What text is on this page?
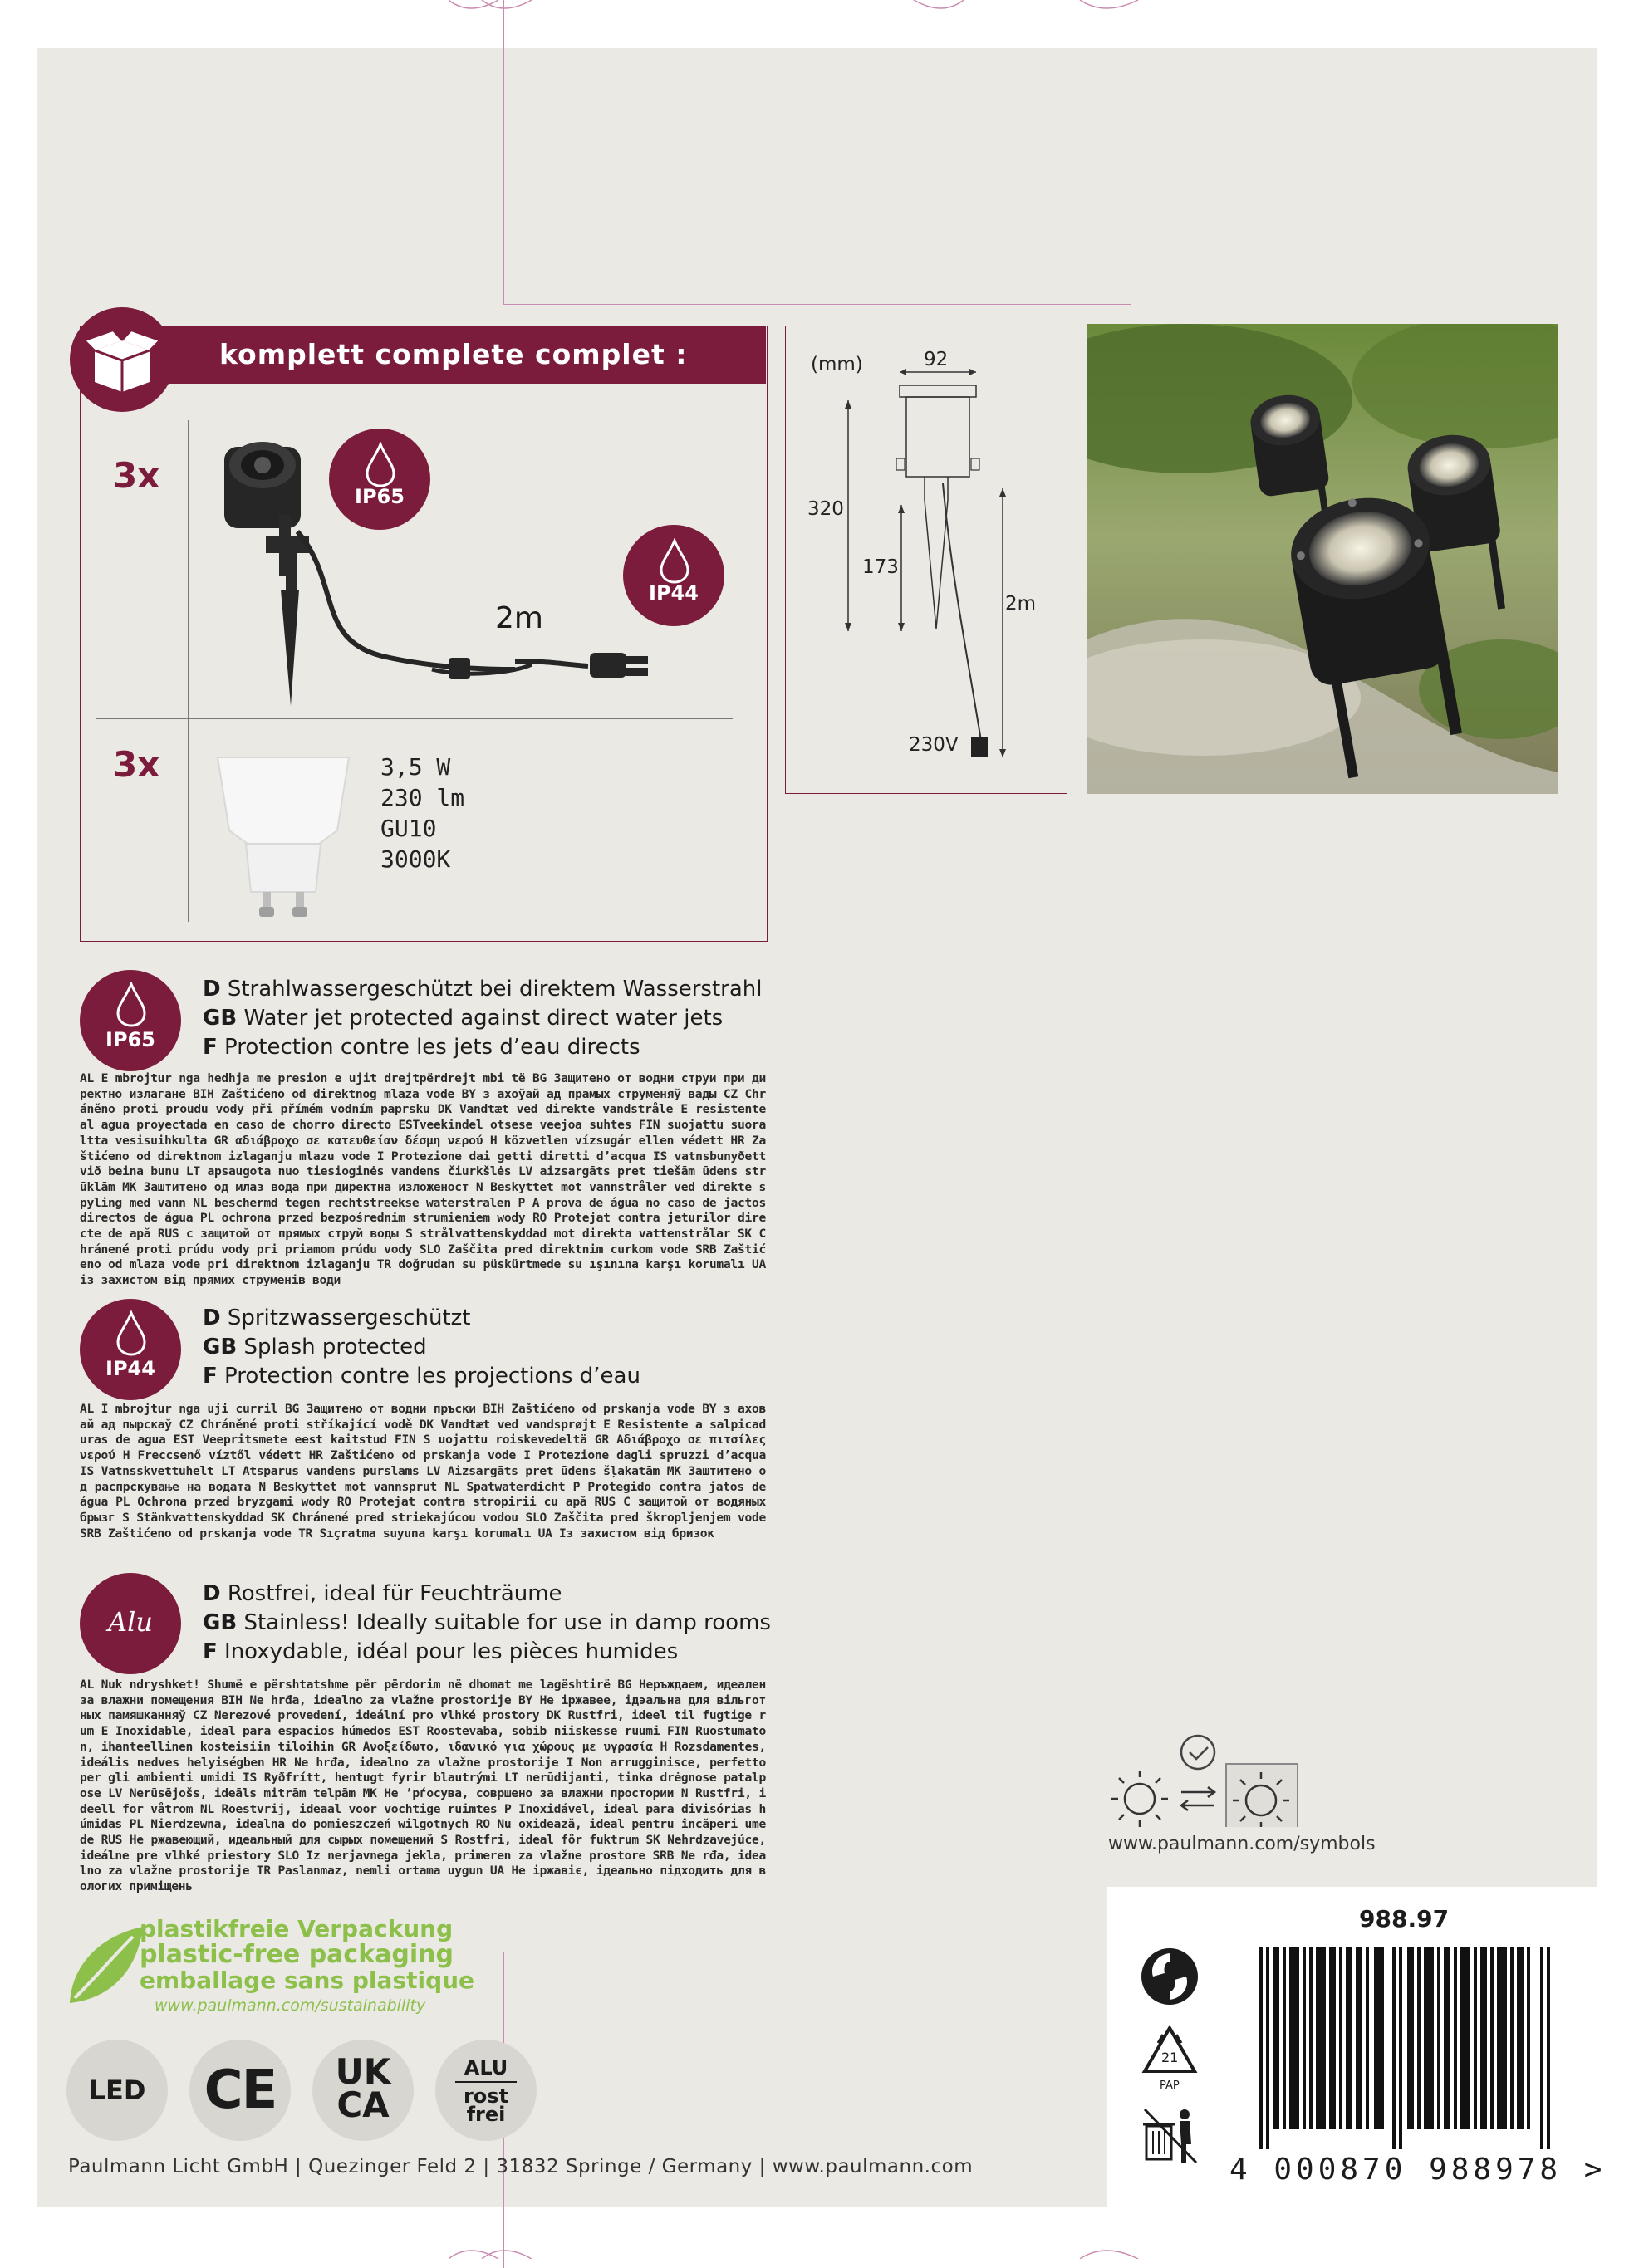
komplett complete complet :
3x
3x
IP65
IP44
2m
3,5 W
230 lm
GU10
3000K
(mm)	92
320
173
2m
230V
IP65
D Strahlwassergeschützt bei direktem Wasserstrahl
GB Water jet protected against direct water jets
F Protection contre les jets d’eau directs
AL E mbrojtur nga hedhja me presion e ujit drejtpërdrejt mbi të BG Защитено от водни струи при директно излагане BIH Zaštićeno od direktnog mlaza vode BY з ахоўай ад прамых струменяў вады CZ Chráněno proti proudu vody při přímém vodním paprsku DK Vandtæt ved direkte vandstråle E resistente al agua proyectada en caso de chorro directo ESTveekindel otsese veejoa suhtes FIN suojattu suoraltta vesisuihkulta GR αδιάβροχο σε κατευθείαν δέσμη νερού H közvetlen vízsugár ellen védett HR Zaštićeno od direktnom izlaganju mlazu vode I Protezione dai getti diretti d’acqua IS vatnsbunуðett við beina bunu LT apsaugota nuo tiesioginės vandens čiurkšlės LV aizsargāts pret tiešām ūdens strūklām MK Заштитено од млаз вода при директна изложеност N Beskyttet mot vannstråler ved direkte spyling med vann NL beschermd tegen rechtstreekse waterstralen P A prova de água no caso de jactos directos de água PL ochrona przed bezpośrednim strumieniem wody RO Protejat contra jeturilor directe de apă RUS с защитой от прямых струй воды S strålvattenskyddad mot direkta vattenstrålar SK Chránené proti prúdu vody pri priamom prúdu vody SLO Zaščita pred direktnim curkom vode SRB Zaštićeno od mlaza vode pri direktnom izlaganju TR doğrudan su püskürtmede su ışınına karşı korumalı UA із захистом від прямих струменів води
IP44
D Spritzwassergeschützt
GB Splash protected
F Protection contre les projections d’eau
AL I mbrojtur nga uji curril BG Защитено от водни пръски BIH Zaštićeno od prskanja vode BY з аховай ад пырскаў CZ Chráněné proti stříkající vodě DK Vandtæt ved vandsprøjt E Resistente a salpicaduras de agua EST Veepritsmete eest kaitstud FIN S uojattu roiskevedeltä GR Αδιάβροχο σε πιτσίλες νερού H Freccsenő víztől védett HR Zaštićeno od prskanja vode I Protezione dagli spruzzi d’acqua IS Vatnsskvettuhelt LT Atsparus vandens purslams LV Aizsargāts pret ūdens šļakatām MK Заштитено од распрскување на водата N Beskyttet mot vannsprut NL Spatwaterdicht P Protegido contra jatos de água PL Ochrona przed bryzgami wody RO Protejat contra stropirii cu apă RUS С защитой от водяных брызг S Stänkvattenskyddad SK Chránené pred striekajúcou vodou SLO Zaščita pred škropljenjem vode SRB Zaštićeno od prskanja vode TR Sıçratma suyuna karşı korumalı UA Із захистом від бризок
Alu
D Rostfrei, ideal für Feuchträume
GB Stainless! Ideally suitable for use in damp rooms
F Inoxydable, idéal pour les pièces humides
AL Nuk ndryshket! Shumë e përshtatshme për përdorim në dhomat me lagështirë BG Неръждаем, идеален за влажни помещения BIH Ne hrđa, idealno za vlažne prostorije BY Не іржавее, ідэальна для вільготных памяшканняў CZ Nerezové provedení, ideální pro vlhké prostory DK Rustfri, ideel til fugtige rum E Inoxidable, ideal para espacios húmedos EST Roostevaba, sobib niiskesse ruumi FIN Ruostumaton, ihanteellinen kosteisiin tiloihin GR Ανοξείδωτο, ιδανικό για χώρους με υγρασία H Rozsdamentes, ideális nedves helyiségben HR Ne hrđa, idealno za vlažne prostorije I Non arrugginisce, perfetto per gli ambienti umidi IS Ryðfrítt, hentugt fyrir blautrými LT nerūdijanti, tinka drėgnose patalpose LV Nerūsējošs, ideāls mitrām telpām MK Не ’рѓосува, совршено за влажни простории N Rustfri, ideell for våtrom NL Roestvrij, ideaal voor vochtige ruimtes P Inoxidável, ideal para divisórias húmidas PL Nierdzewna, idealna do pomieszczeń wilgotnych RO Nu oxidează, ideal pentru încăperi umede RUS Не ржавеющий, идеальный для сырых помещений S Rostfri, ideal för fuktrum SK Nehrdzavejúce, ideálne pre vlhké priestory SLO Iz nerjavnega jekla, primeren za vlažne prostore SRB Ne rđa, idealno za vlažne prostorije TR Paslanmaz, nemli ortama uygun UA Не іржавіє, ідеально підходить для вологих приміщень
www.paulmann.com/symbols
plastikfreie Verpackung
plastic-free packaging
emballage sans plastique
www.paulmann.com/sustainability
LED	CE	UK
CA
ALU
rost
frei
Paulmann Licht GmbH | Quezinger Feld 2 | 31832 Springe / Germany | www.paulmann.com
988.97
21
PAP
4 000870 988978 >
